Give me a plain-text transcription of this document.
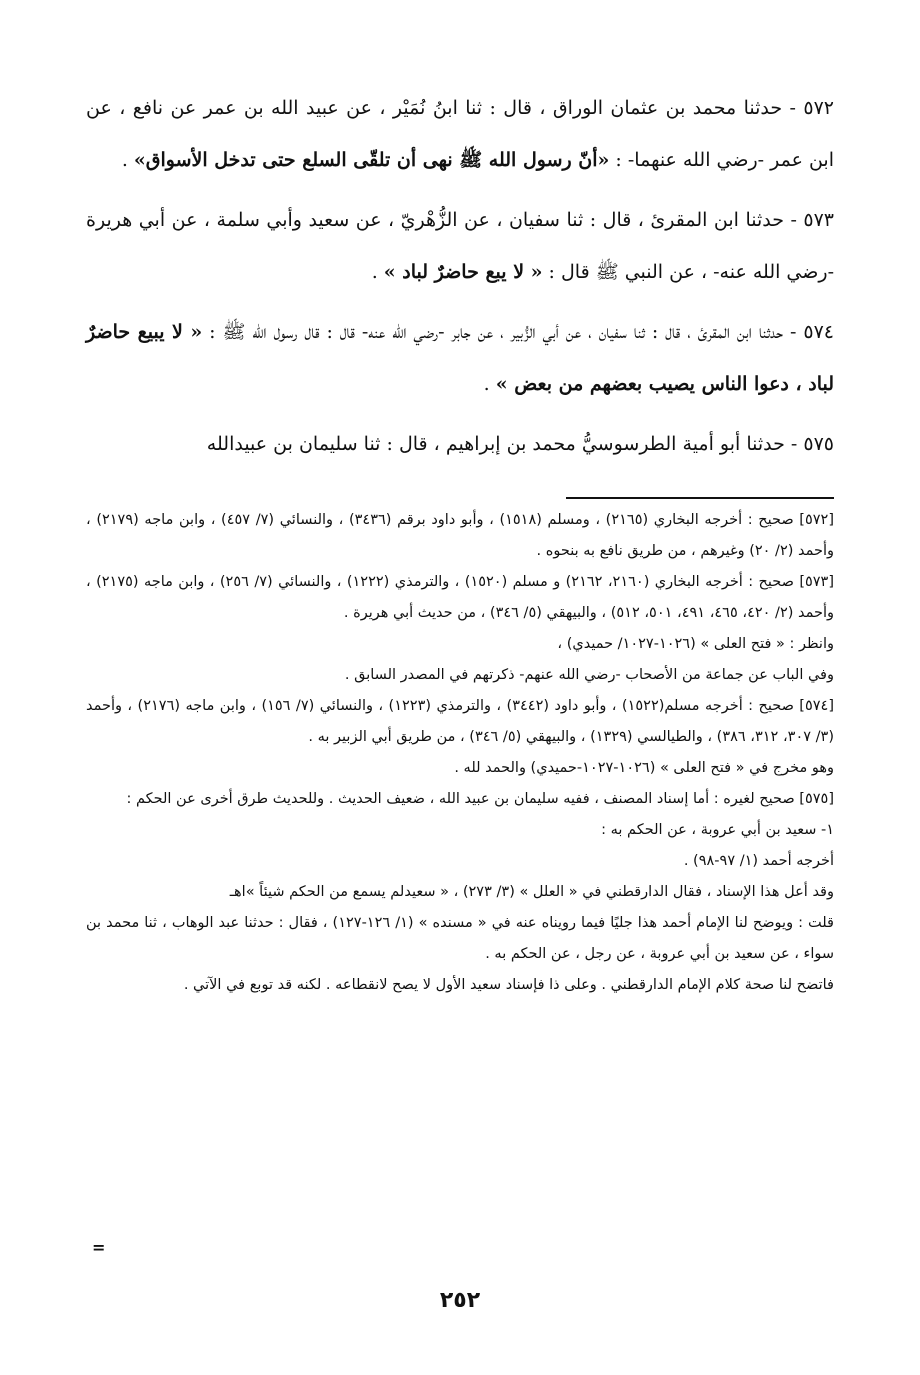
٥٧٢ - حدثنا محمد بن عثمان الوراق ، قال : ثنا ابنُ نُمَيْر ، عن عبيد الله بن عمر عن نافع ، عن ابن عمر -رضي الله عنهما- : «أنّ رسول الله ﷺ نهى أن تلقّى السلع حتى تدخل الأسواق» .

٥٧٣ - حدثنا ابن المقرئ ، قال : ثنا سفيان ، عن الزُّهْريّ ، عن سعيد وأبي سلمة ، عن أبي هريرة -رضي الله عنه- ، عن النبي ﷺ قال : « لا يبع حاضرٌ لباد » .

٥٧٤ - حدثنا ابن المقرئ ، قال : ثنا سفيان ، عن أبي الزُّبير ، عن جابر -رضي الله عنه- قال : قال رسول الله ﷺ : « لا يبيع حاضرٌ لباد ، دعوا الناس يصيب بعضهم من بعض » .

٥٧٥ - حدثنا أبو أمية الطرسوسيُّ محمد بن إبراهيم ، قال : ثنا سليمان بن عبيدالله

[٥٧٢] صحيح : أخرجه البخاري (٢١٦٥) ، ومسلم (١٥١٨) ، وأبو داود برقم (٣٤٣٦) ، والنسائي (٧/ ٤٥٧) ، وابن ماجه (٢١٧٩) ، وأحمد (٢/ ٢٠) وغيرهم ، من طريق نافع به بنحوه .

[٥٧٣] صحيح : أخرجه البخاري (٢١٦٠، ٢١٦٢) و مسلم (١٥٢٠) ، والترمذي (١٢٢٢) ، والنسائي (٧/ ٢٥٦) ، وابن ماجه (٢١٧٥) ، وأحمد (٢/ ٤٢٠، ٤٦٥، ٤٩١، ٥٠١، ٥١٢) ، والبيهقي (٥/ ٣٤٦) ، من حديث أبي هريرة .

وانظر : « فتح العلى » (١٠٢٦-١٠٢٧/ حميدي) ،

وفي الباب عن جماعة من الأصحاب -رضي الله عنهم- ذكرتهم في المصدر السابق .

[٥٧٤] صحيح : أخرجه مسلم(١٥٢٢) ، وأبو داود (٣٤٤٢) ، والترمذي (١٢٢٣) ، والنسائي (٧/ ١٥٦) ، وابن ماجه (٢١٧٦) ، وأحمد (٣/ ٣٠٧، ٣١٢، ٣٨٦) ، والطيالسي (١٣٢٩) ، والبيهقي (٥/ ٣٤٦) ، من طريق أبي الزبير به .

وهو مخرج في « فتح العلى » (١٠٢٦-١٠٢٧-حميدي) والحمد لله .

[٥٧٥] صحيح لغيره : أما إسناد المصنف ، ففيه سليمان بن عبيد الله ، ضعيف الحديث . وللحديث طرق أخرى عن الحكم :

١- سعيد بن أبي عروبة ، عن الحكم به :

أخرجه أحمد (١/ ٩٧-٩٨) .

وقد أعل هذا الإسناد ، فقال الدارقطني في « العلل » (٣/ ٢٧٣) ، « سعيدلم يسمع من الحكم شيئاً »اهـ

قلت : ويوضح لنا الإمام أحمد هذا جليًا فيما رويناه عنه في « مسنده » (١/ ١٢٦-١٢٧) ، فقال : حدثنا عبد الوهاب ، ثنا محمد بن سواء ، عن سعيد بن أبي عروبة ، عن رجل ، عن الحكم به .

فاتضح لنا صحة كلام الإمام الدارقطني . وعلى ذا فإسناد سعيد الأول لا يصح لانقطاعه . لكنه قد توبع في الآتي .

=
٢٥٢
